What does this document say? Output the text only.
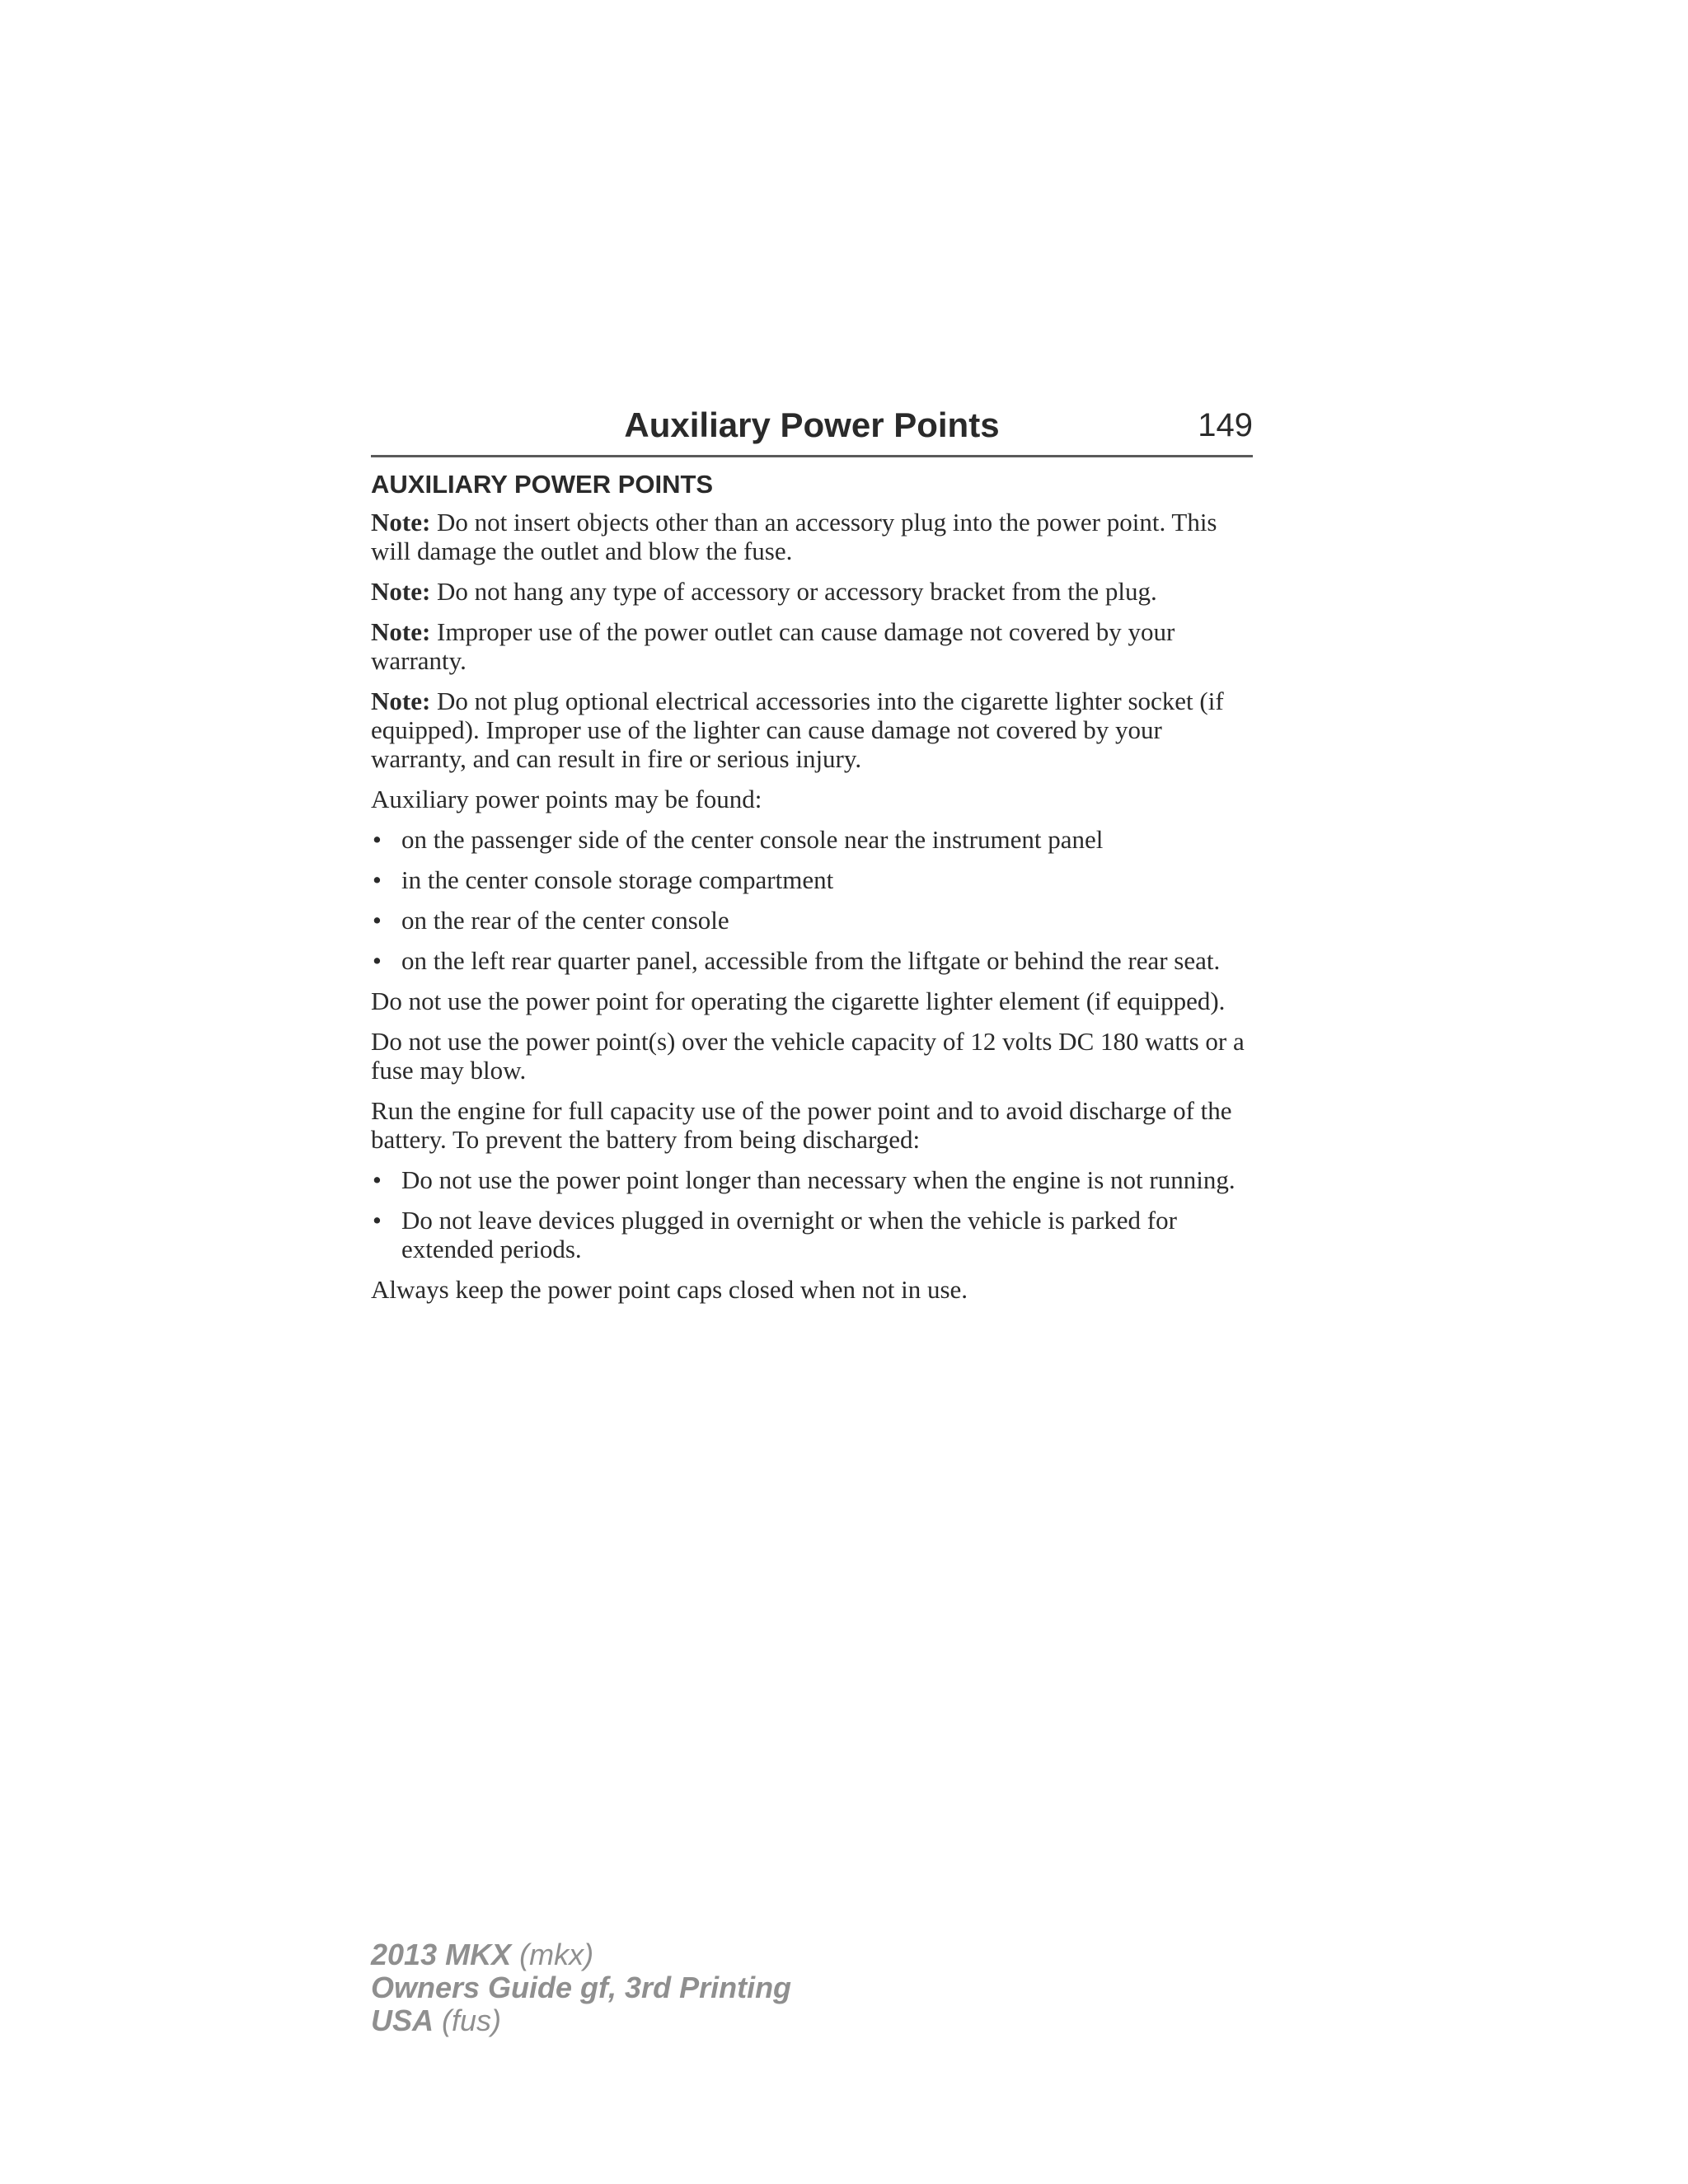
Auxiliary Power Points	149
AUXILIARY POWER POINTS

Note: Do not insert objects other than an accessory plug into the power point. This will damage the outlet and blow the fuse.

Note: Do not hang any type of accessory or accessory bracket from the plug.

Note: Improper use of the power outlet can cause damage not covered by your warranty.

Note: Do not plug optional electrical accessories into the cigarette lighter socket (if equipped). Improper use of the lighter can cause damage not covered by your warranty, and can result in fire or serious injury.

Auxiliary power points may be found:

• on the passenger side of the center console near the instrument panel
• in the center console storage compartment
• on the rear of the center console
• on the left rear quarter panel, accessible from the liftgate or behind the rear seat.

Do not use the power point for operating the cigarette lighter element (if equipped).

Do not use the power point(s) over the vehicle capacity of 12 volts DC 180 watts or a fuse may blow.

Run the engine for full capacity use of the power point and to avoid discharge of the battery. To prevent the battery from being discharged:

• Do not use the power point longer than necessary when the engine is not running.
• Do not leave devices plugged in overnight or when the vehicle is parked for extended periods.

Always keep the power point caps closed when not in use.

2013 MKX (mkx)
Owners Guide gf, 3rd Printing
USA (fus)
